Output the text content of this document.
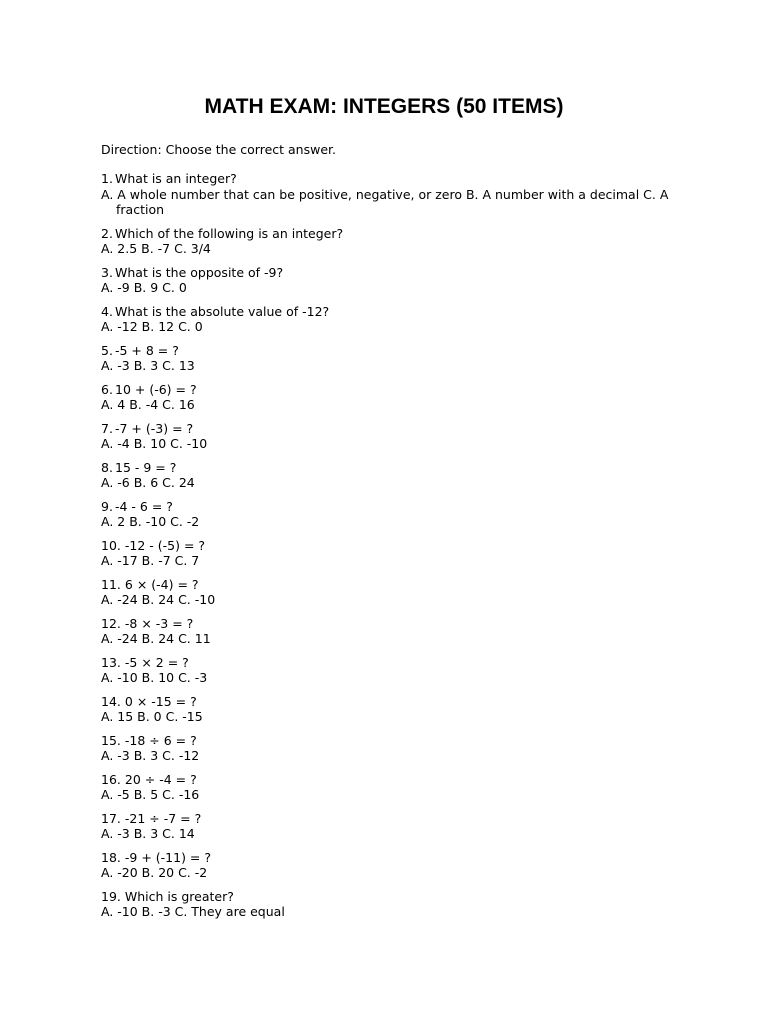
MATH EXAM: INTEGERS (50 ITEMS)

Direction: Choose the correct answer.

1. What is an integer?
A. A whole number that can be positive, negative, or zero B. A number with a decimal C. A fraction
2. Which of the following is an integer?
A. 2.5 B. -7 C. 3/4
3. What is the opposite of -9?
A. -9 B. 9 C. 0
4. What is the absolute value of -12?
A. -12 B. 12 C. 0
5. -5 + 8 = ?
A. -3 B. 3 C. 13
6. 10 + (-6) = ?
A. 4 B. -4 C. 16
7. -7 + (-3) = ?
A. -4 B. 10 C. -10
8. 15 - 9 = ?
A. -6 B. 6 C. 24
9. -4 - 6 = ?
A. 2 B. -10 C. -2
10. -12 - (-5) = ?
A. -17 B. -7 C. 7
11. 6 × (-4) = ?
A. -24 B. 24 C. -10
12. -8 × -3 = ?
A. -24 B. 24 C. 11
13. -5 × 2 = ?
A. -10 B. 10 C. -3
14. 0 × -15 = ?
A. 15 B. 0 C. -15
15. -18 ÷ 6 = ?
A. -3 B. 3 C. -12
16. 20 ÷ -4 = ?
A. -5 B. 5 C. -16
17. -21 ÷ -7 = ?
A. -3 B. 3 C. 14
18. -9 + (-11) = ?
A. -20 B. 20 C. -2
19. Which is greater?
A. -10 B. -3 C. They are equal
